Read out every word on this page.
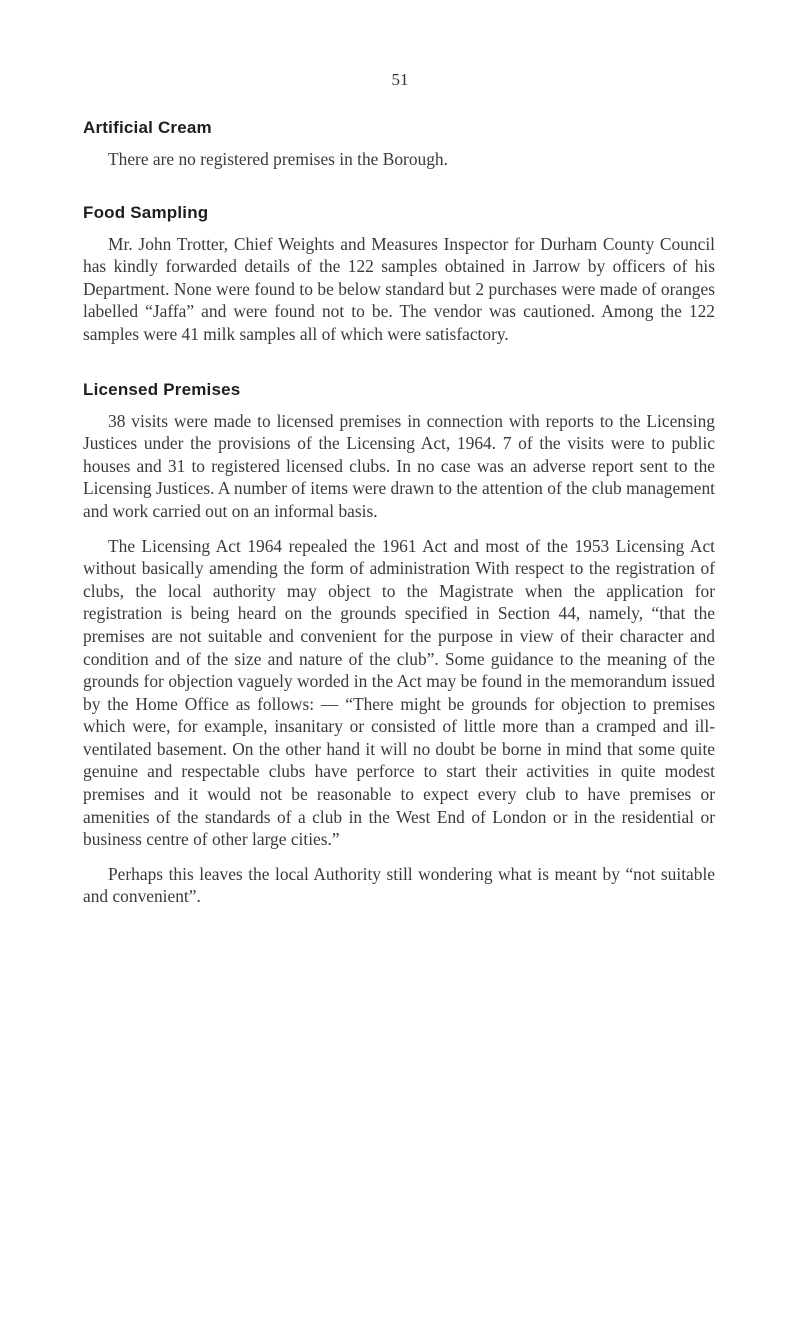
51
Artificial Cream

There are no registered premises in the Borough.

Food Sampling

Mr. John Trotter, Chief Weights and Measures Inspector for Durham County Council has kindly forwarded details of the 122 samples obtained in Jarrow by officers of his Department. None were found to be below standard but 2 purchases were made of oranges labelled “Jaffa” and were found not to be. The vendor was cautioned. Among the 122 samples were 41 milk samples all of which were satisfactory.

Licensed Premises

38 visits were made to licensed premises in connection with reports to the Licensing Justices under the provisions of the Licensing Act, 1964. 7 of the visits were to public houses and 31 to registered licensed clubs. In no case was an adverse report sent to the Licensing Justices. A number of items were drawn to the attention of the club management and work carried out on an informal basis.

The Licensing Act 1964 repealed the 1961 Act and most of the 1953 Licensing Act without basically amending the form of administration With respect to the registration of clubs, the local authority may object to the Magistrate when the application for registration is being heard on the grounds specified in Section 44, namely, “that the premises are not suitable and convenient for the purpose in view of their character and condition and of the size and nature of the club”. Some guidance to the meaning of the grounds for objection vaguely worded in the Act may be found in the memorandum issued by the Home Office as follows: — “There might be grounds for objection to premises which were, for example, insanitary or consisted of little more than a cramped and ill-ventilated basement. On the other hand it will no doubt be borne in mind that some quite genuine and respectable clubs have perforce to start their activities in quite modest premises and it would not be reasonable to expect every club to have premises or amenities of the standards of a club in the West End of London or in the residential or business centre of other large cities.”

Perhaps this leaves the local Authority still wondering what is meant by “not suitable and convenient”.
